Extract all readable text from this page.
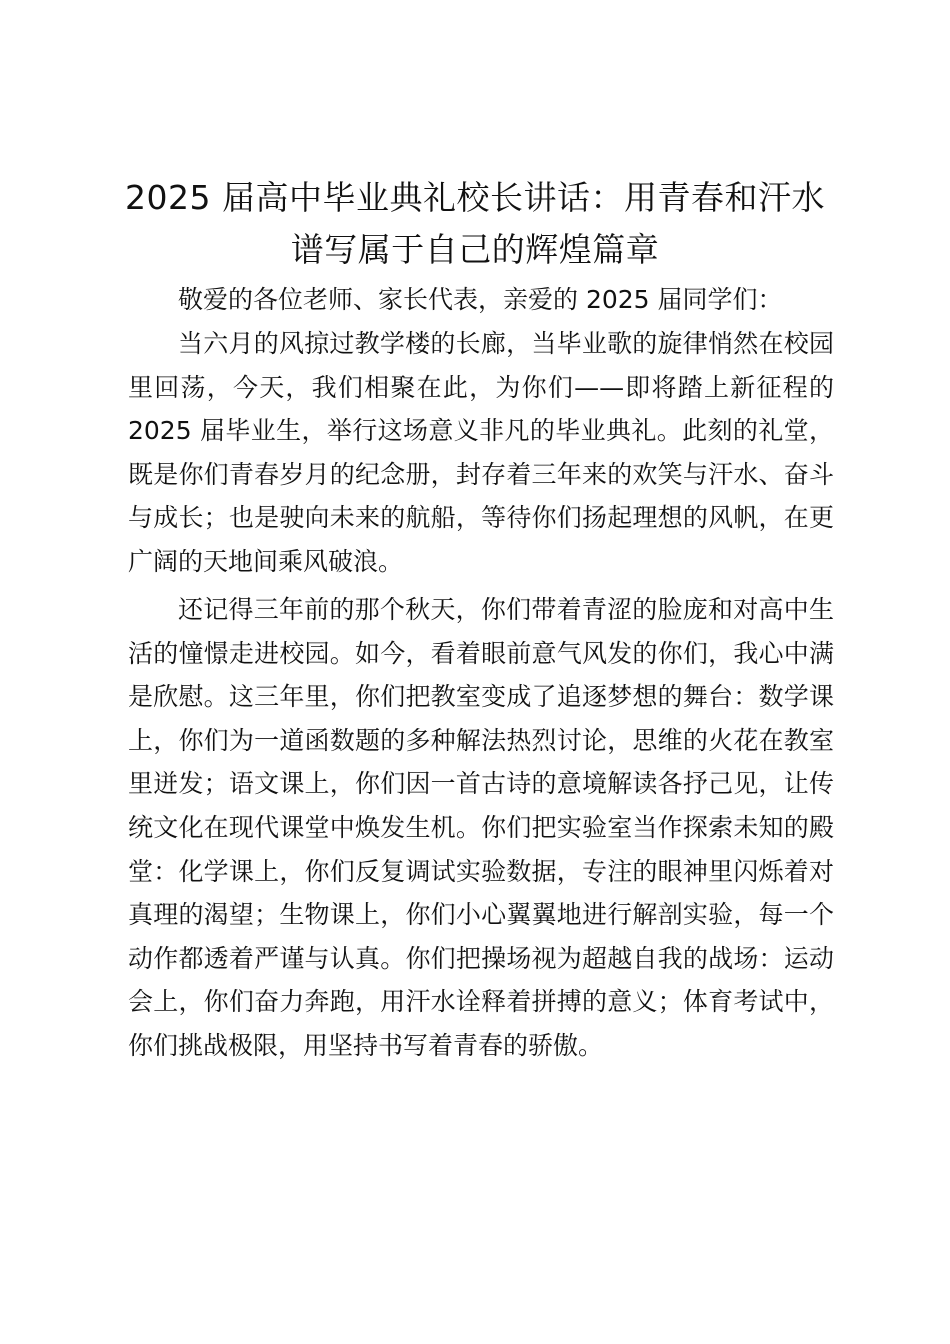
2025 届高中毕业典礼校长讲话：用青春和汗水谱写属于自己的辉煌篇章

敬爱的各位老师、家长代表，亲爱的 2025 届同学们：

当六月的风掠过教学楼的长廊，当毕业歌的旋律悄然在校园里回荡，今天，我们相聚在此，为你们——即将踏上新征程的 2025 届毕业生，举行这场意义非凡的毕业典礼。此刻的礼堂，既是你们青春岁月的纪念册，封存着三年来的欢笑与汗水、奋斗与成长；也是驶向未来的航船，等待你们扬起理想的风帆，在更广阔的天地间乘风破浪。

还记得三年前的那个秋天，你们带着青涩的脸庞和对高中生活的憧憬走进校园。如今，看着眼前意气风发的你们，我心中满是欣慰。这三年里，你们把教室变成了追逐梦想的舞台：数学课上，你们为一道函数题的多种解法热烈讨论，思维的火花在教室里迸发；语文课上，你们因一首古诗的意境解读各抒己见，让传统文化在现代课堂中焕发生机。你们把实验室当作探索未知的殿堂：化学课上，你们反复调试实验数据，专注的眼神里闪烁着对真理的渴望；生物课上，你们小心翼翼地进行解剖实验，每一个动作都透着严谨与认真。你们把操场视为超越自我的战场：运动会上，你们奋力奔跑，用汗水诠释着拼搏的意义；体育考试中，你们挑战极限，用坚持书写着青春的骄傲。
